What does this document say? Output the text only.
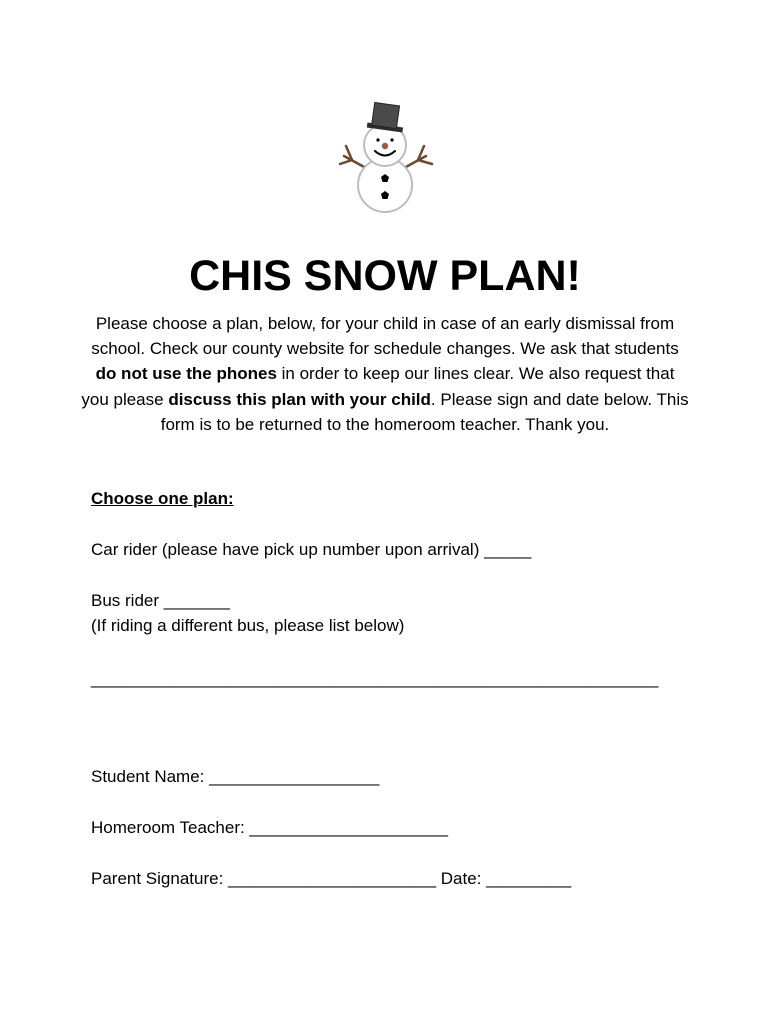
CHIS SNOW PLAN!
Please choose a plan, below, for your child in case of an early dismissal from school. Check our county website for schedule changes. We ask that students do not use the phones in order to keep our lines clear. We also request that you please discuss this plan with your child. Please sign and date below. This form is to be returned to the homeroom teacher. Thank you.
Choose one plan:
Car rider (please have pick up number upon arrival) _____
Bus rider _______
(If riding a different bus, please list below)
____________________________________________________________
Student Name: __________________
Homeroom Teacher: _____________________
Parent Signature: ______________________ Date: _________
